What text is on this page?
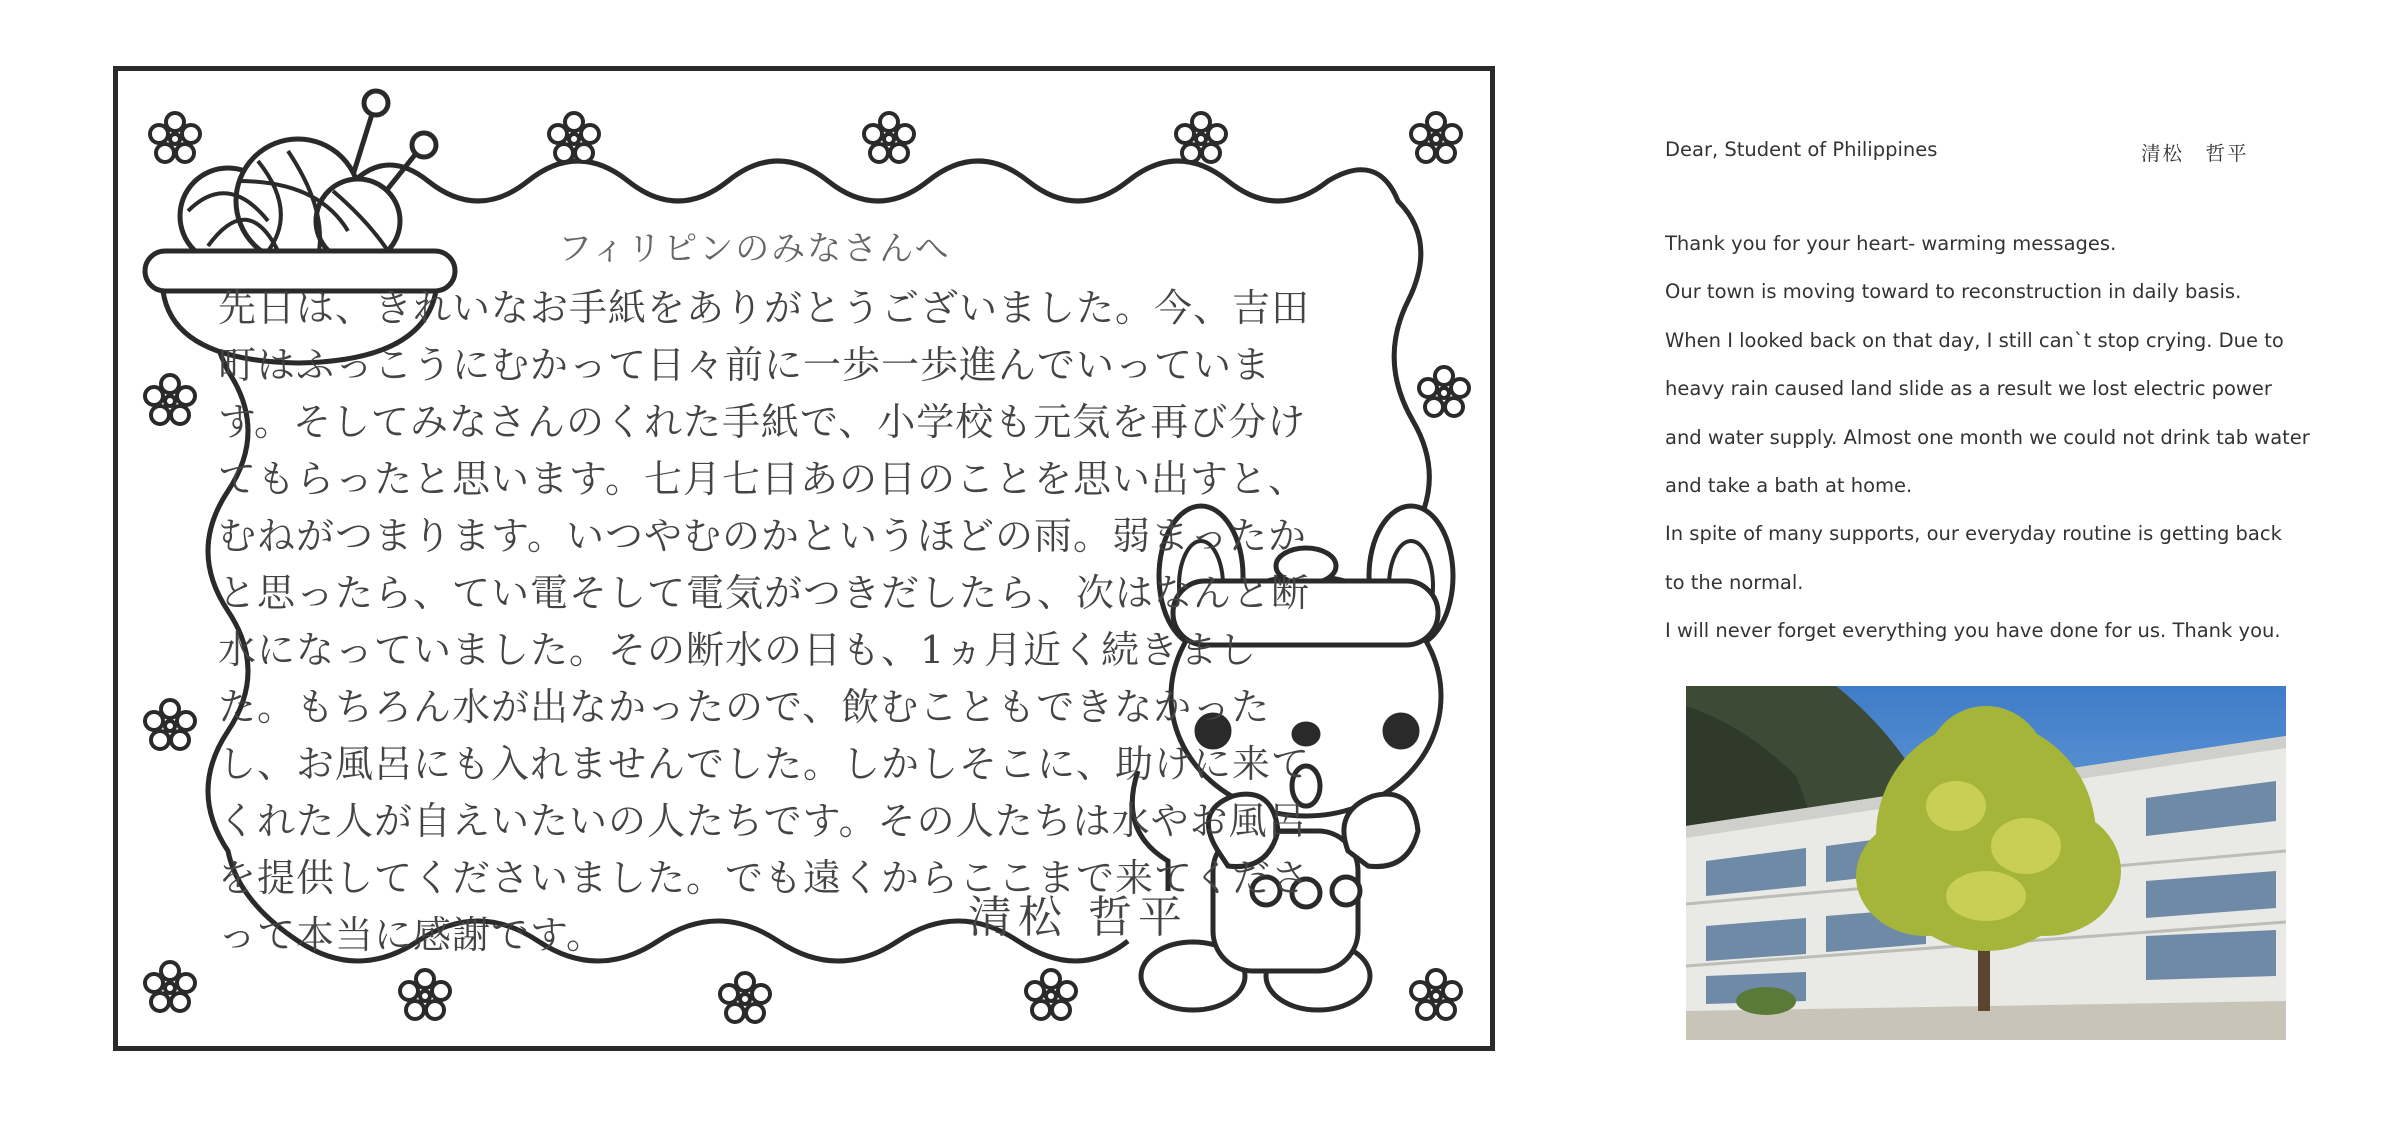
フィリピンのみなさんへ

先日は、きれいなお手紙をありがとうございました。今、吉田町はふっこうにむかって日々前に一歩一歩進んでいっています。そしてみなさんのくれた手紙で、小学校も元気を再び分けてもらったと思います。七月七日あの日のことを思い出すと、むねがつまります。いつやむのかというほどの雨。弱まったかと思ったら、てい電そして電気がつきだしたら、次はなんと断水になっていました。その断水の日も、1ヵ月近く続きました。もちろん水が出なかったので、飲むこともできなかったし、お風呂にも入れませんでした。しかしそこに、助けに来てくれた人が自えいたいの人たちです。その人たちは水やお風呂を提供してくださいました。でも遠くからここまで来てくださって本当に感謝です。	清松 哲平
Dear, Student of Philippines	清松　哲平

Thank you for your heart- warming messages.

Our town is moving toward to reconstruction in daily basis.

When I looked back on that day, I still can`t stop crying. Due to

heavy rain caused land slide as a result we lost electric power

and water supply. Almost one month we could not drink tab water

and take a bath at home.

In spite of many supports, our everyday routine is getting back

to the normal.

I will never forget everything you have done for us. Thank you.
